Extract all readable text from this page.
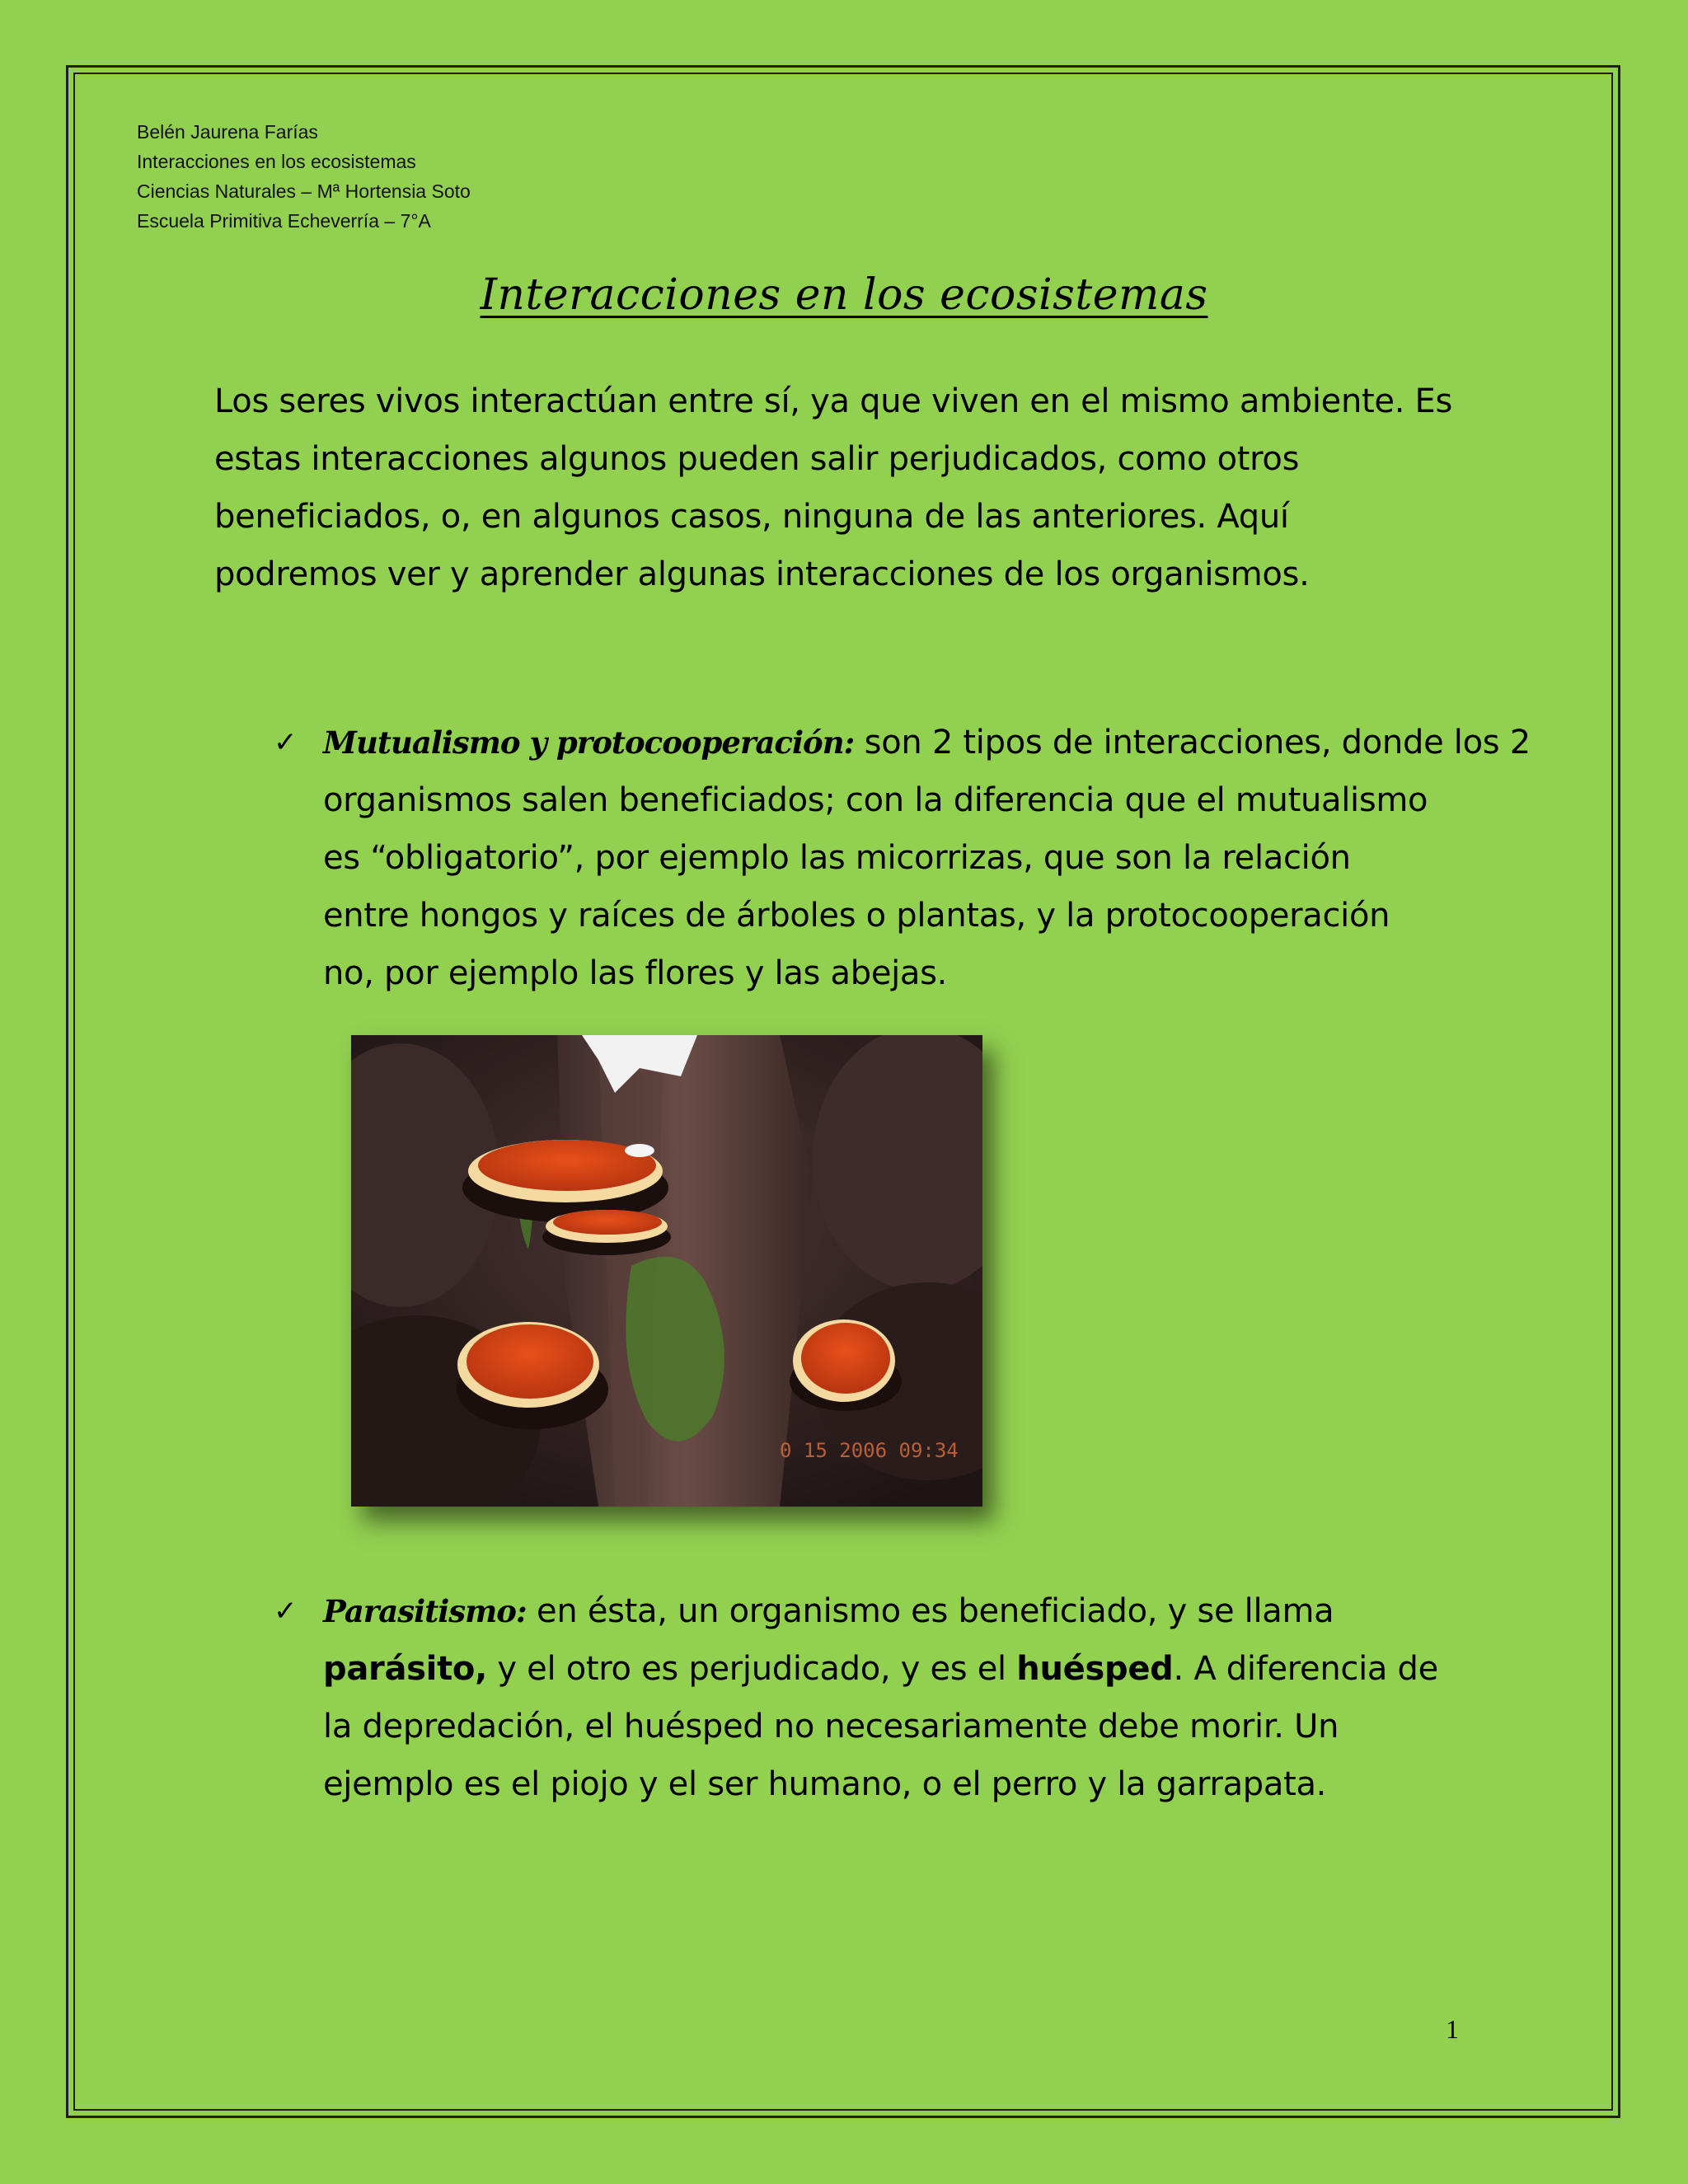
Belén Jaurena Farías
Interacciones en los ecosistemas
Ciencias Naturales – Mª Hortensia Soto
Escuela Primitiva Echeverría – 7°A
Interacciones en los ecosistemas
Los seres vivos interactúan entre sí, ya que viven en el mismo ambiente. Es
estas interacciones algunos pueden salir perjudicados, como otros
beneficiados, o, en algunos casos, ninguna de las anteriores. Aquí
podremos ver y aprender algunas interacciones de los organismos.
✓ Mutualismo y protocooperación: son 2 tipos de interacciones, donde los 2
organismos salen beneficiados; con la diferencia que el mutualismo
es “obligatorio”, por ejemplo las micorrizas, que son la relación
entre hongos y raíces de árboles o plantas, y la protocooperación
no, por ejemplo las flores y las abejas.
0 15 2006 09:34
✓ Parasitismo: en ésta, un organismo es beneficiado, y se llama
parásito, y el otro es perjudicado, y es el huésped. A diferencia de
la depredación, el huésped no necesariamente debe morir. Un
ejemplo es el piojo y el ser humano, o el perro y la garrapata.
1
